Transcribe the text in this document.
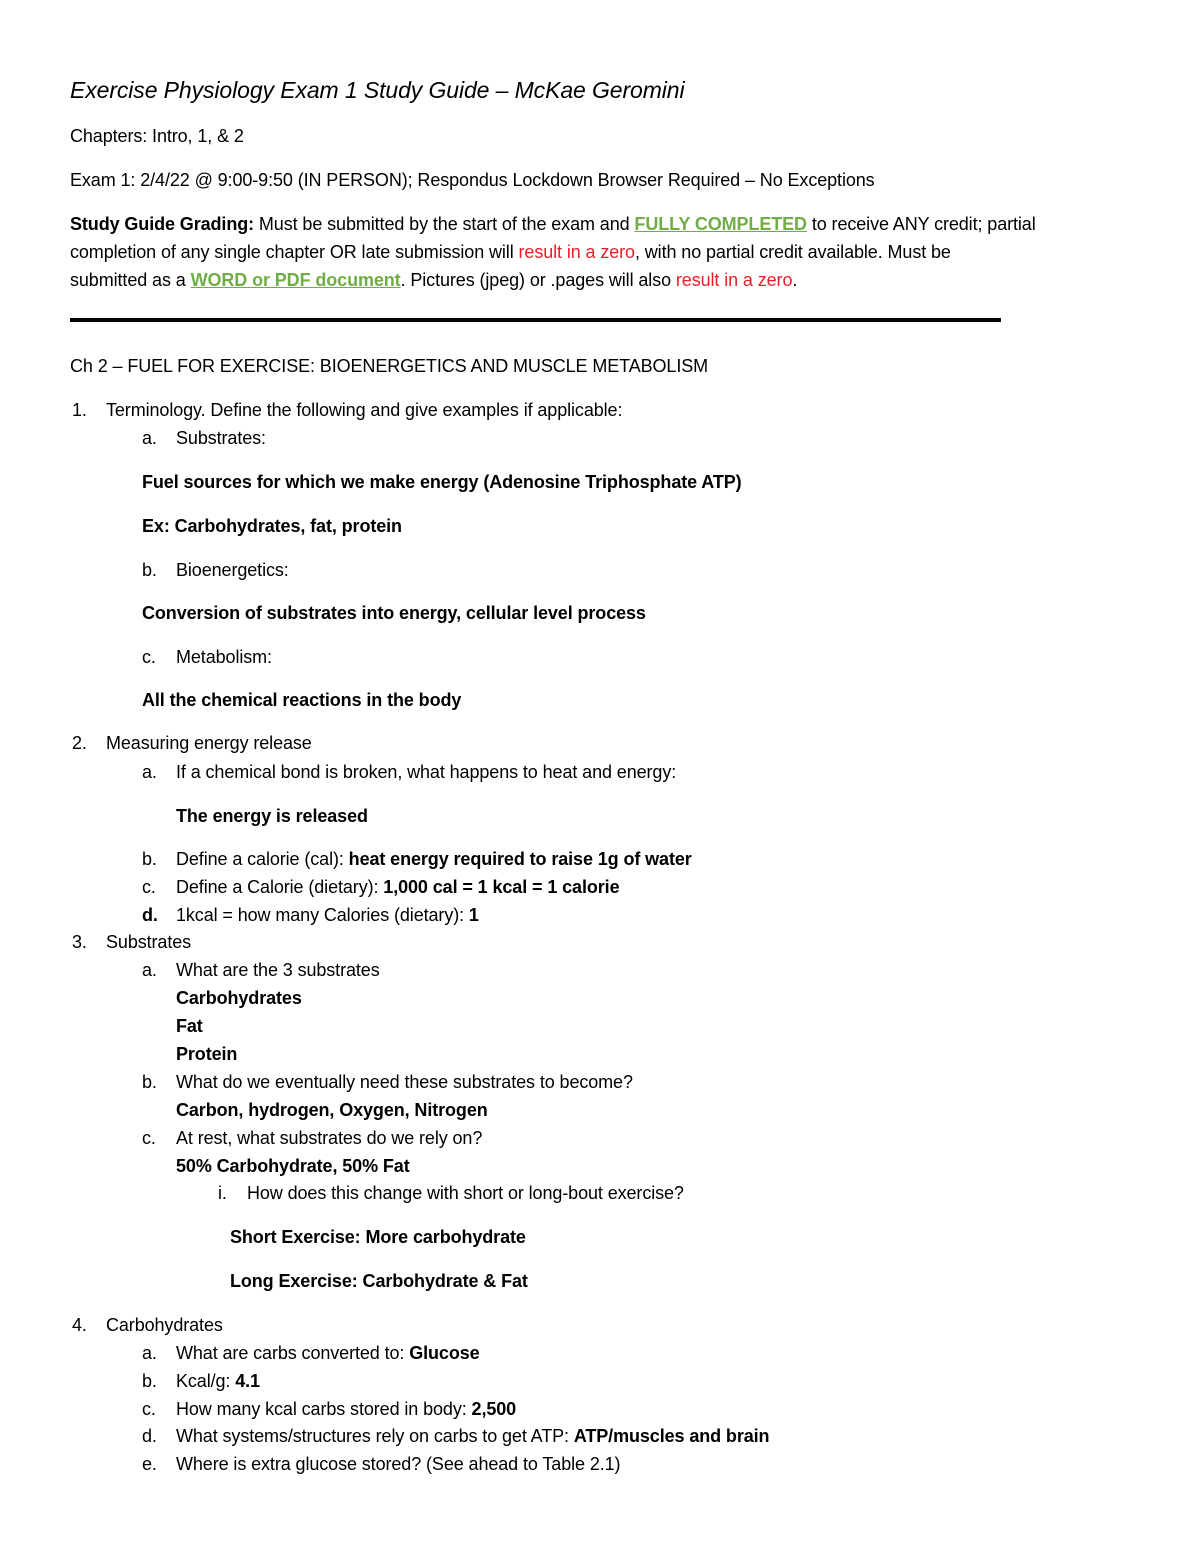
Exercise Physiology Exam 1 Study Guide – McKae Geromini
Chapters: Intro, 1, & 2
Exam 1: 2/4/22 @ 9:00-9:50 (IN PERSON); Respondus Lockdown Browser Required – No Exceptions
Study Guide Grading: Must be submitted by the start of the exam and FULLY COMPLETED to receive ANY credit; partial
completion of any single chapter OR late submission will result in a zero, with no partial credit available. Must be
submitted as a WORD or PDF document. Pictures (jpeg) or .pages will also result in a zero.
Ch 2 – FUEL FOR EXERCISE: BIOENERGETICS AND MUSCLE METABOLISM
1. Terminology. Define the following and give examples if applicable:
a. Substrates:
Fuel sources for which we make energy (Adenosine Triphosphate ATP)
Ex: Carbohydrates, fat, protein
b. Bioenergetics:
Conversion of substrates into energy, cellular level process
c. Metabolism:
All the chemical reactions in the body
2. Measuring energy release
a. If a chemical bond is broken, what happens to heat and energy:
The energy is released
b. Define a calorie (cal): heat energy required to raise 1g of water
c. Define a Calorie (dietary): 1,000 cal = 1 kcal = 1 calorie
d. 1kcal = how many Calories (dietary): 1
3. Substrates
a. What are the 3 substrates
Carbohydrates
Fat
Protein
b. What do we eventually need these substrates to become?
Carbon, hydrogen, Oxygen, Nitrogen
c. At rest, what substrates do we rely on?
50% Carbohydrate, 50% Fat
i. How does this change with short or long-bout exercise?
Short Exercise: More carbohydrate
Long Exercise: Carbohydrate & Fat
4. Carbohydrates
a. What are carbs converted to: Glucose
b. Kcal/g: 4.1
c. How many kcal carbs stored in body: 2,500
d. What systems/structures rely on carbs to get ATP: ATP/muscles and brain
e. Where is extra glucose stored? (See ahead to Table 2.1)
